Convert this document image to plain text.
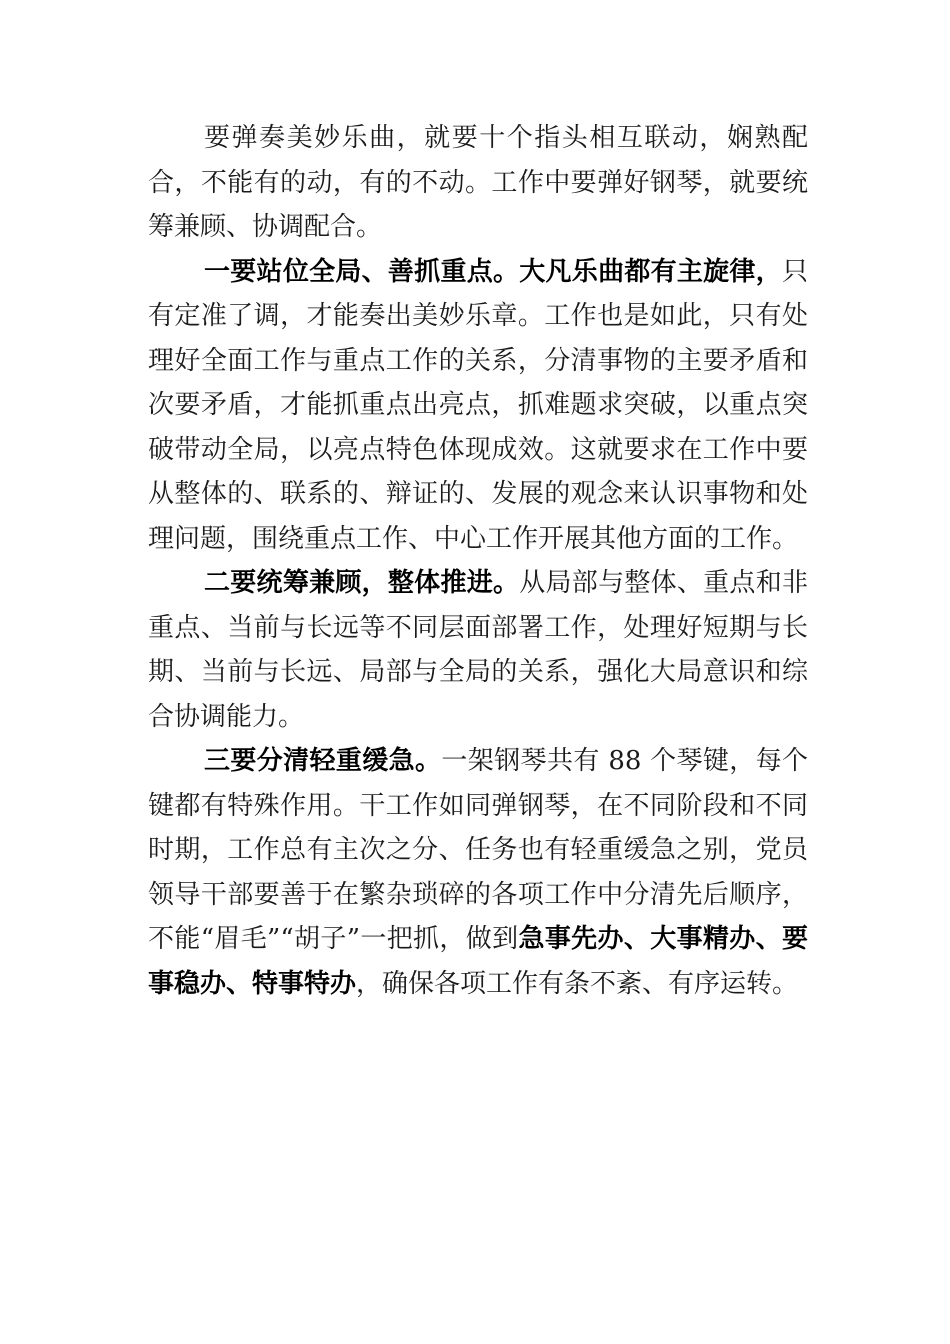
要弹奏美妙乐曲，就要十个指头相互联动，娴熟配合，不能有的动，有的不动。工作中要弹好钢琴，就要统筹兼顾、协调配合。

一要站位全局、善抓重点。大凡乐曲都有主旋律，只有定准了调，才能奏出美妙乐章。工作也是如此，只有处理好全面工作与重点工作的关系，分清事物的主要矛盾和次要矛盾，才能抓重点出亮点，抓难题求突破，以重点突破带动全局，以亮点特色体现成效。这就要求在工作中要从整体的、联系的、辩证的、发展的观念来认识事物和处理问题，围绕重点工作、中心工作开展其他方面的工作。

二要统筹兼顾，整体推进。从局部与整体、重点和非重点、当前与长远等不同层面部署工作，处理好短期与长期、当前与长远、局部与全局的关系，强化大局意识和综合协调能力。

三要分清轻重缓急。一架钢琴共有 88 个琴键，每个键都有特殊作用。干工作如同弹钢琴，在不同阶段和不同时期，工作总有主次之分、任务也有轻重缓急之别，党员领导干部要善于在繁杂琐碎的各项工作中分清先后顺序，不能“眉毛”“胡子”一把抓，做到急事先办、大事精办、要事稳办、特事特办，确保各项工作有条不紊、有序运转。
